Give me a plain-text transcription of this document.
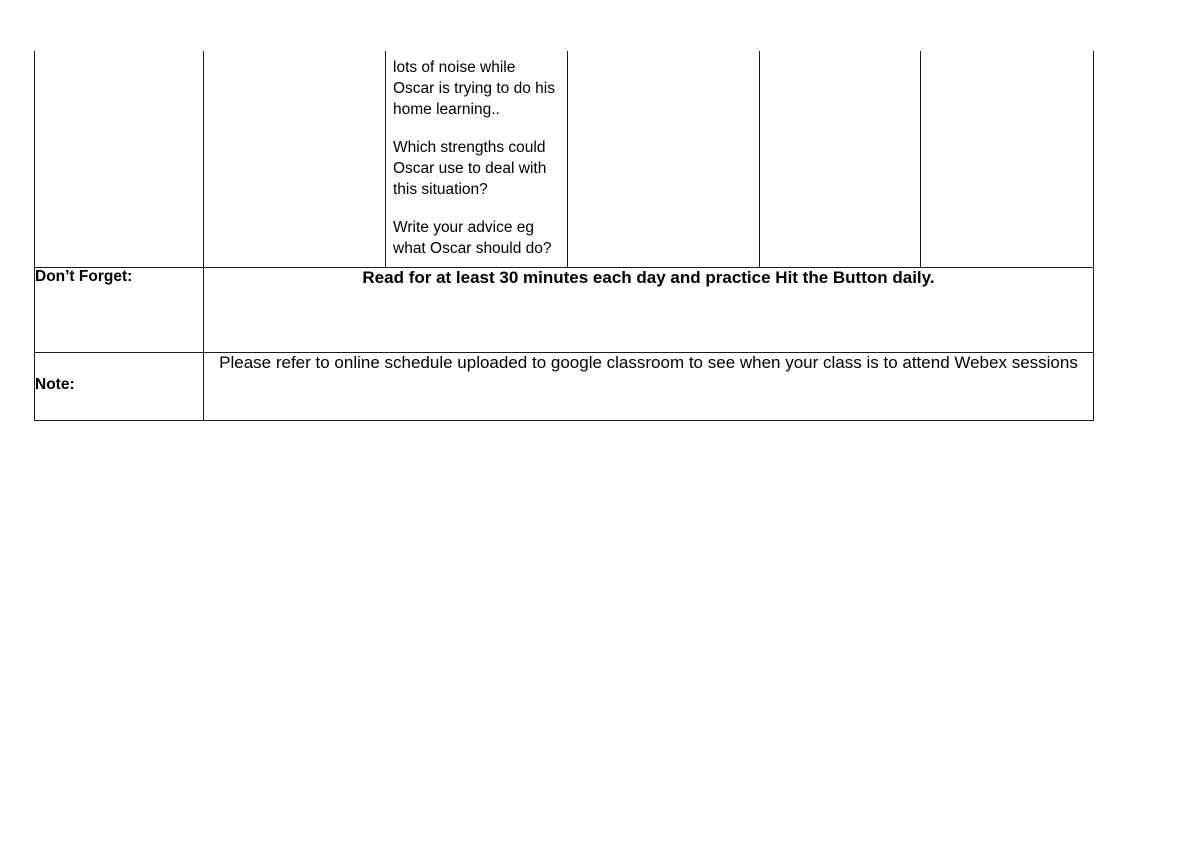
		lots of noise while Oscar is trying to do his home learning..

Which strengths could Oscar use to deal with this situation?

Write your advice eg what Oscar should do?			

Don’t Forget:	Read for at least 30 minutes each day and practice Hit the Button daily.				
Note:	Please refer to online schedule uploaded to google classroom to see when your class is to attend Webex sessions				
